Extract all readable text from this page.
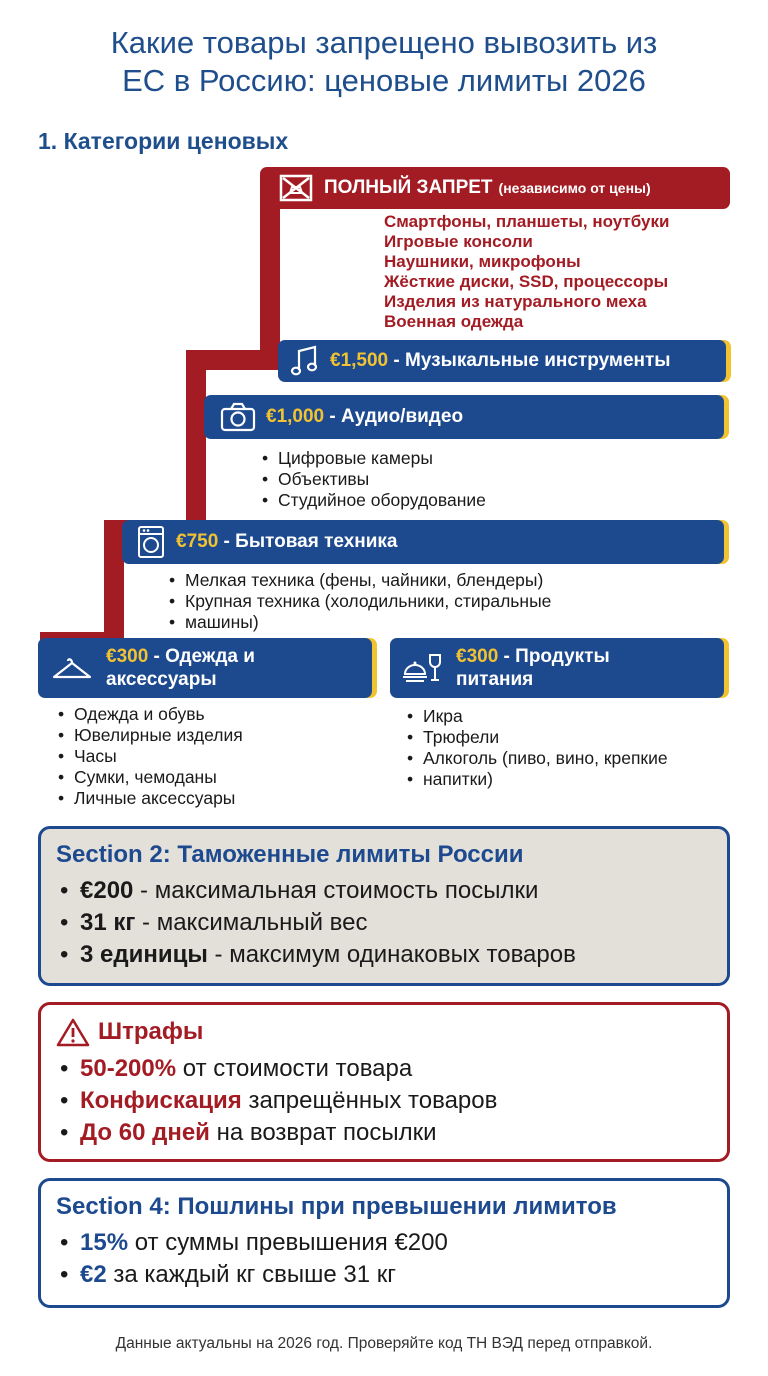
Какие товары запрещено вывозить из
ЕС в Россию: ценовые лимиты 2026
1. Категории ценовых
ПОЛНЫЙ ЗАПРЕТ (независимо от цены)
Смартфоны, планшеты, ноутбуки
Игровые консоли
Наушники, микрофоны
Жёсткие диски, SSD, процессоры
Изделия из натурального меха
Военная одежда
€1,500 - Музыкальные инструменты
€1,000 - Аудио/видео
• Цифровые камеры
• Объективы
• Студийное оборудование
€750 - Бытовая техника
• Мелкая техника (фены, чайники, блендеры)
• Крупная техника (холодильники, стиральные
• машины)
€300 - Одежда и
аксессуары
• Одежда и обувь
• Ювелирные изделия
• Часы
• Сумки, чемоданы
• Личные аксессуары
€300 - Продукты
питания
• Икра
• Трюфели
• Алкоголь (пиво, вино, крепкие
• напитки)
Section 2: Таможенные лимиты России
• €200 - максимальная стоимость посылки
• 31 кг - максимальный вес
• 3 единицы - максимум одинаковых товаров
Штрафы
• 50-200% от стоимости товара
• Конфискация запрещённых товаров
• До 60 дней на возврат посылки
Section 4: Пошлины при превышении лимитов
• 15% от суммы превышения €200
• €2 за каждый кг свыше 31 кг
Данные актуальны на 2026 год. Проверяйте код ТН ВЭД перед отправкой.
